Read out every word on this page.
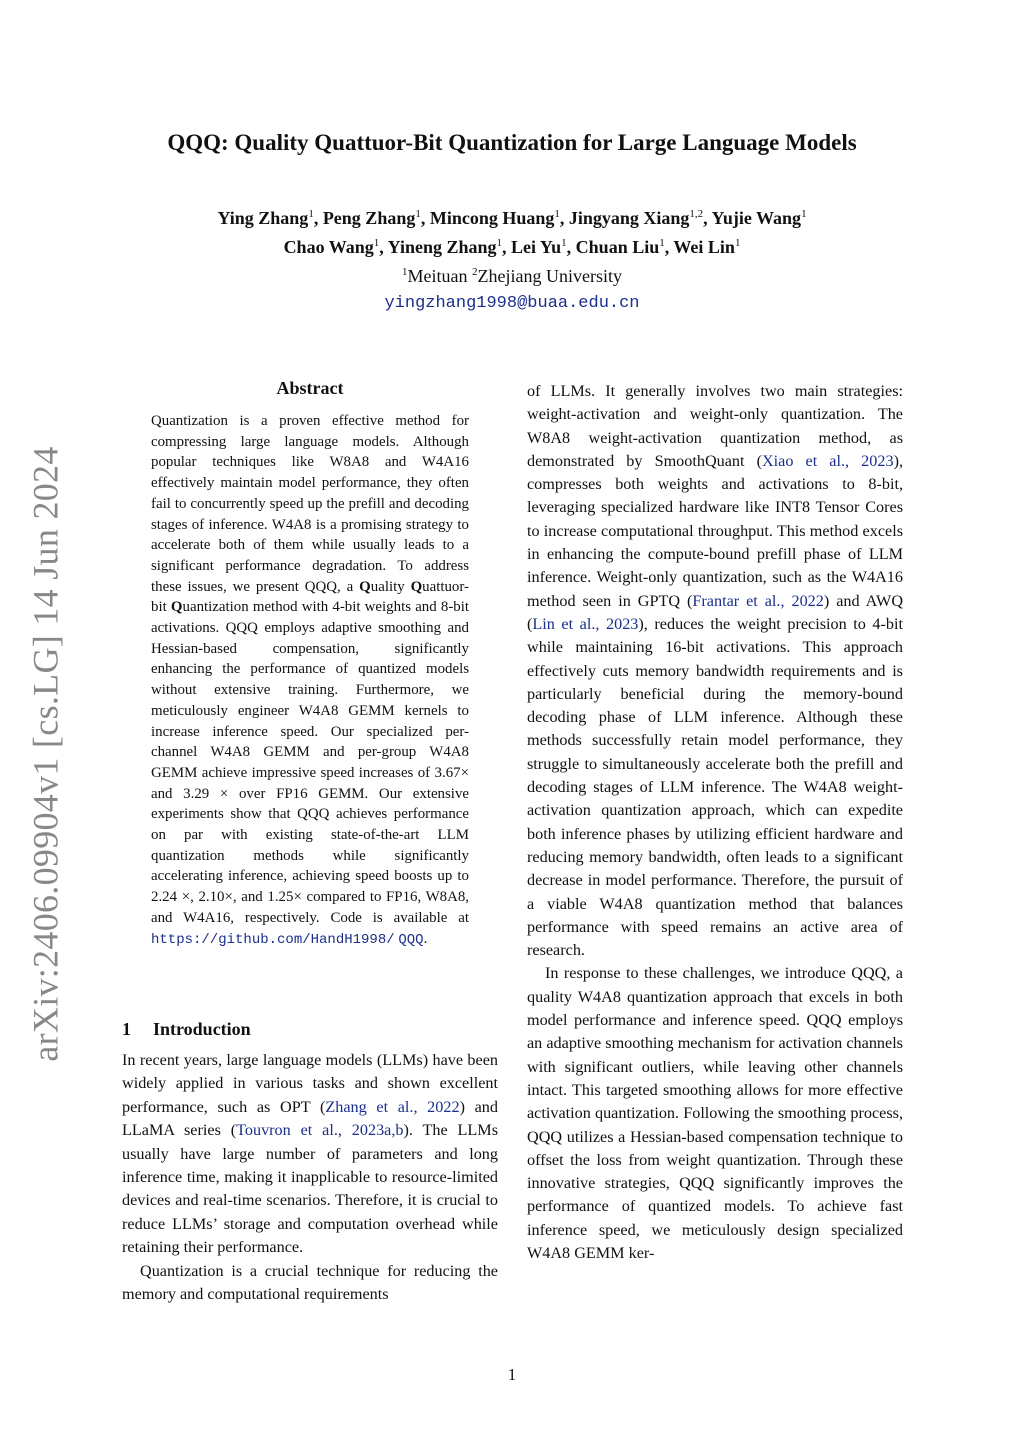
arXiv:2406.09904v1 [cs.LG] 14 Jun 2024
QQQ: Quality Quattuor-Bit Quantization for Large Language Models
Ying Zhang$^1$, Peng Zhang$^1$, Mincong Huang$^1$, Jingyang Xiang$^{1,2}$, Yujie Wang$^1$
Chao Wang$^1$, Yineng Zhang$^1$, Lei Yu$^1$, Chuan Liu$^1$, Wei Lin$^1$
$^1$Meituan $^2$Zhejiang University
yingzhang1998@buaa.edu.cn
Abstract
Quantization is a proven effective method for compressing large language models. Although popular techniques like W8A8 and W4A16 effectively maintain model performance, they often fail to concurrently speed up the prefill and decoding stages of inference. W4A8 is a promising strategy to accelerate both of them while usually leads to a significant performance degradation. To address these issues, we present QQQ, a Quality Quattuor-bit Quantization method with 4-bit weights and 8-bit activations. QQQ employs adaptive smoothing and Hessian-based compensation, significantly enhancing the performance of quantized models without extensive training. Furthermore, we meticulously engineer W4A8 GEMM kernels to increase inference speed. Our specialized per-channel W4A8 GEMM and per-group W4A8 GEMM achieve impressive speed increases of 3.67× and 3.29 × over FP16 GEMM. Our extensive experiments show that QQQ achieves performance on par with existing state-of-the-art LLM quantization methods while significantly accelerating inference, achieving speed boosts up to 2.24 ×, 2.10×, and 1.25× compared to FP16, W8A8, and W4A16, respectively. Code is available at https://github.com/HandH1998/ QQQ.
1 Introduction

In recent years, large language models (LLMs) have been widely applied in various tasks and shown excellent performance, such as OPT (Zhang et al., 2022) and LLaMA series (Touvron et al., 2023a,b). The LLMs usually have large number of parameters and long inference time, making it inapplicable to resource-limited devices and real-time scenarios. Therefore, it is crucial to reduce LLMs’ storage and computation overhead while retaining their performance.

Quantization is a crucial technique for reducing the memory and computational requirements

of LLMs. It generally involves two main strategies: weight-activation and weight-only quantization. The W8A8 weight-activation quantization method, as demonstrated by SmoothQuant (Xiao et al., 2023), compresses both weights and activations to 8-bit, leveraging specialized hardware like INT8 Tensor Cores to increase computational throughput. This method excels in enhancing the compute-bound prefill phase of LLM inference. Weight-only quantization, such as the W4A16 method seen in GPTQ (Frantar et al., 2022) and AWQ (Lin et al., 2023), reduces the weight precision to 4-bit while maintaining 16-bit activations. This approach effectively cuts memory bandwidth requirements and is particularly beneficial during the memory-bound decoding phase of LLM inference. Although these methods successfully retain model performance, they struggle to simultaneously accelerate both the prefill and decoding stages of LLM inference. The W4A8 weight-activation quantization approach, which can expedite both inference phases by utilizing efficient hardware and reducing memory bandwidth, often leads to a significant decrease in model performance. Therefore, the pursuit of a viable W4A8 quantization method that balances performance with speed remains an active area of research.

In response to these challenges, we introduce QQQ, a quality W4A8 quantization approach that excels in both model performance and inference speed. QQQ employs an adaptive smoothing mechanism for activation channels with significant outliers, while leaving other channels intact. This targeted smoothing allows for more effective activation quantization. Following the smoothing process, QQQ utilizes a Hessian-based compensation technique to offset the loss from weight quantization. Through these innovative strategies, QQQ significantly improves the performance of quantized models. To achieve fast inference speed, we meticulously design specialized W4A8 GEMM ker-

1
